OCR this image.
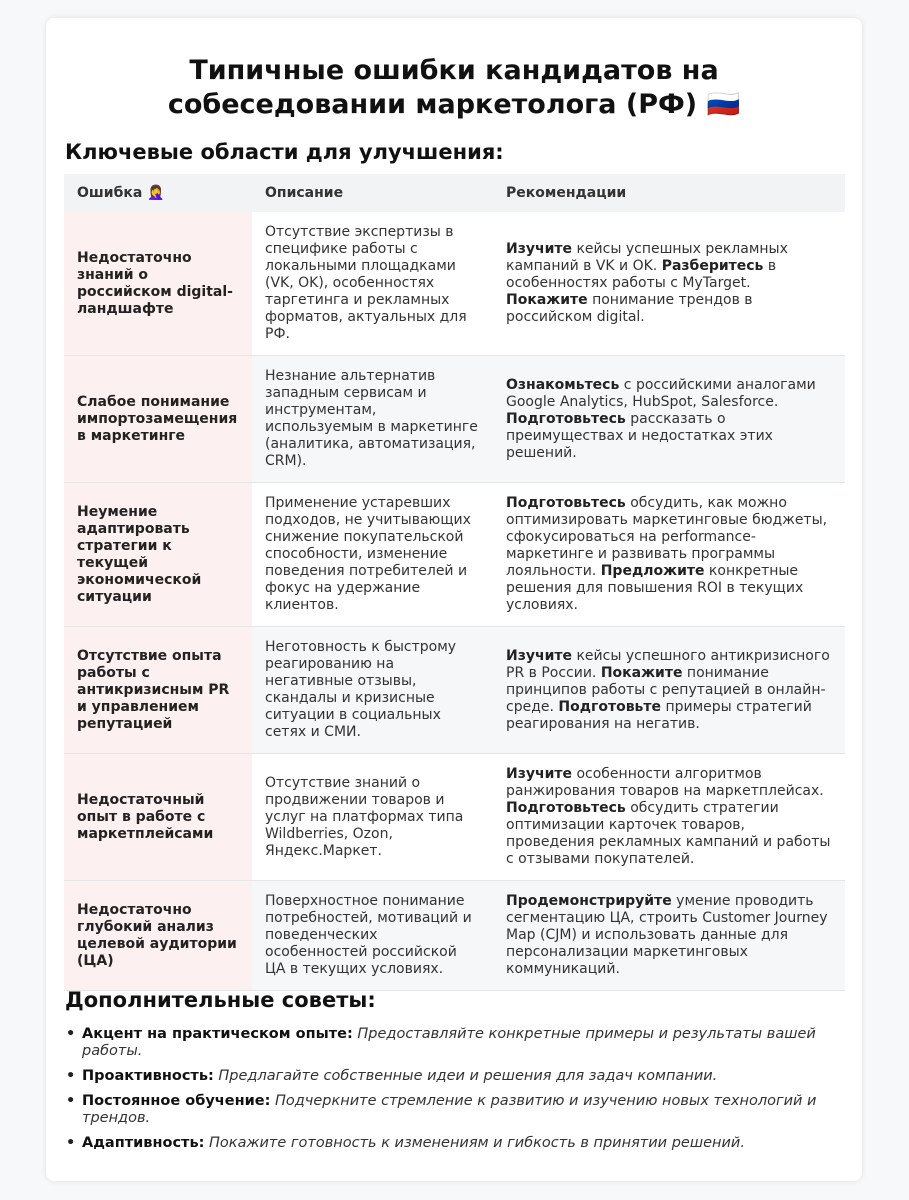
Типичные ошибки кандидатов на
собеседовании маркетолога (РФ) 🇷🇺
Ключевые области для улучшения:
Ошибка 🤦‍♀️	Описание	Рекомендации
Недостаточно знаний о российском digital-ландшафте	Отсутствие экспертизы в специфике работы с локальными площадками (VK, OK), особенностях таргетинга и рекламных форматов, актуальных для РФ.	Изучите кейсы успешных рекламных кампаний в VK и OK. Разберитесь в особенностях работы с MyTarget. Покажите понимание трендов в российском digital.
Слабое понимание импортозамещения в маркетинге	Незнание альтернатив западным сервисам и инструментам, используемым в маркетинге (аналитика, автоматизация, CRM).	Ознакомьтесь с российскими аналогами Google Analytics, HubSpot, Salesforce. Подготовьтесь рассказать о преимуществах и недостатках этих решений.
Неумение адаптировать стратегии к текущей экономической ситуации	Применение устаревших подходов, не учитывающих снижение покупательской способности, изменение поведения потребителей и фокус на удержание клиентов.	Подготовьтесь обсудить, как можно оптимизировать маркетинговые бюджеты, сфокусироваться на performance-маркетинге и развивать программы лояльности. Предложите конкретные решения для повышения ROI в текущих условиях.
Отсутствие опыта работы с антикризисным PR и управлением репутацией	Неготовность к быстрому реагированию на негативные отзывы, скандалы и кризисные ситуации в социальных сетях и СМИ.	Изучите кейсы успешного антикризисного PR в России. Покажите понимание принципов работы с репутацией в онлайн-среде. Подготовьте примеры стратегий реагирования на негатив.
Недостаточный опыт в работе с маркетплейсами	Отсутствие знаний о продвижении товаров и услуг на платформах типа Wildberries, Ozon, Яндекс.Маркет.	Изучите особенности алгоритмов ранжирования товаров на маркетплейсах. Подготовьтесь обсудить стратегии оптимизации карточек товаров, проведения рекламных кампаний и работы с отзывами покупателей.
Недостаточно глубокий анализ целевой аудитории (ЦА)	Поверхностное понимание потребностей, мотиваций и поведенческих особенностей российской ЦА в текущих условиях.	Продемонстрируйте умение проводить сегментацию ЦА, строить Customer Journey Map (CJM) и использовать данные для персонализации маркетинговых коммуникаций.
Дополнительные советы:
• Акцент на практическом опыте: Предоставляйте конкретные примеры и результаты вашей работы.
• Проактивность: Предлагайте собственные идеи и решения для задач компании.
• Постоянное обучение: Подчеркните стремление к развитию и изучению новых технологий и трендов.
• Адаптивность: Покажите готовность к изменениям и гибкость в принятии решений.
